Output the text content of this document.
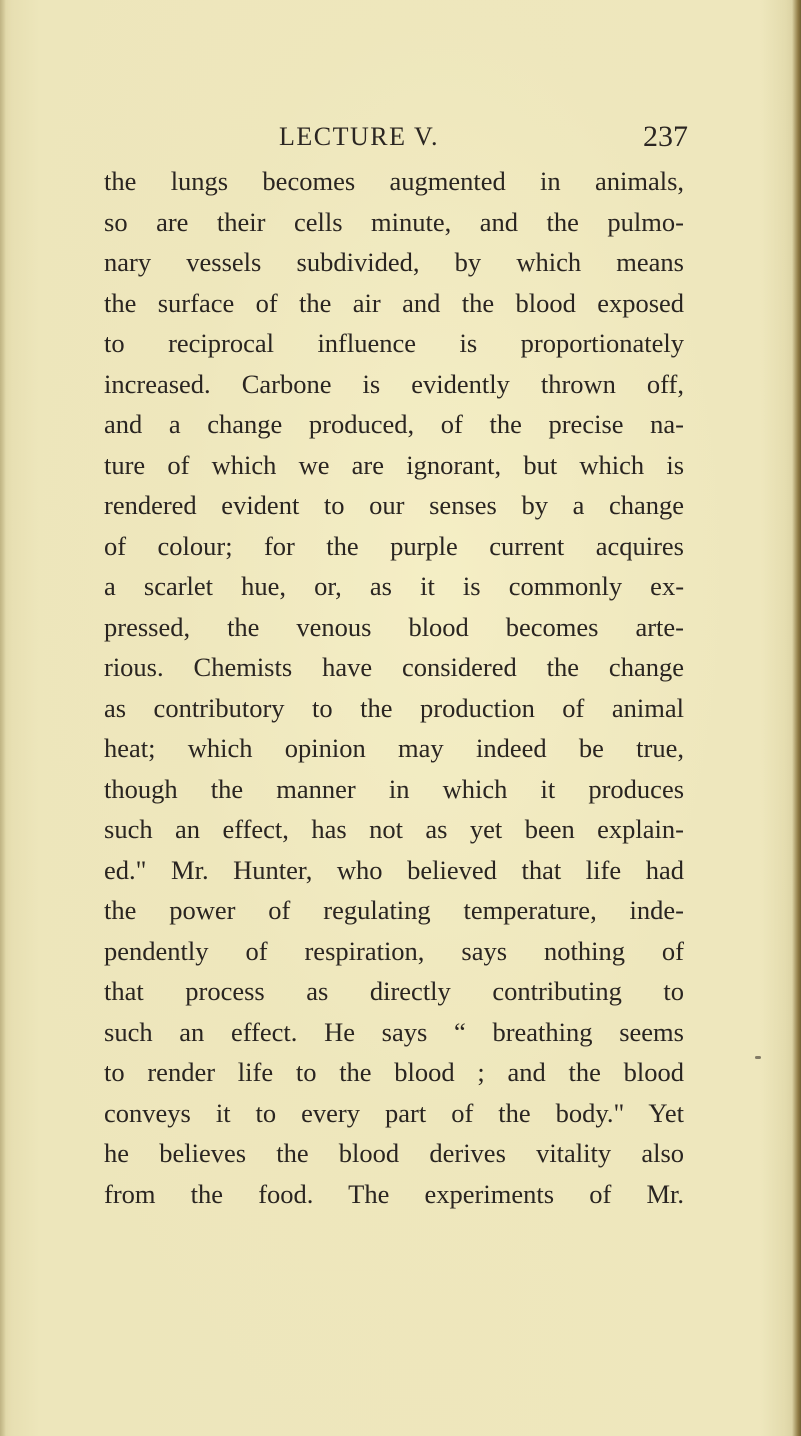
LECTURE V.	237
the lungs becomes augmented in animals,
so are their cells minute, and the pulmo-
nary vessels subdivided, by which means
the surface of the air and the blood exposed
to reciprocal influence is proportionately
increased. Carbone is evidently thrown off,
and a change produced, of the precise na-
ture of which we are ignorant, but which is
rendered evident to our senses by a change
of colour; for the purple current acquires
a scarlet hue, or, as it is commonly ex-
pressed, the venous blood becomes arte-
rious. Chemists have considered the change
as contributory to the production of animal
heat; which opinion may indeed be true,
though the manner in which it produces
such an effect, has not as yet been explain-
ed." Mr. Hunter, who believed that life had
the power of regulating temperature, inde-
pendently of respiration, says nothing of
that process as directly contributing to
such an effect. He says “ breathing seems
to render life to the blood ; and the blood
conveys it to every part of the body." Yet
he believes the blood derives vitality also
from the food. The experiments of Mr.
